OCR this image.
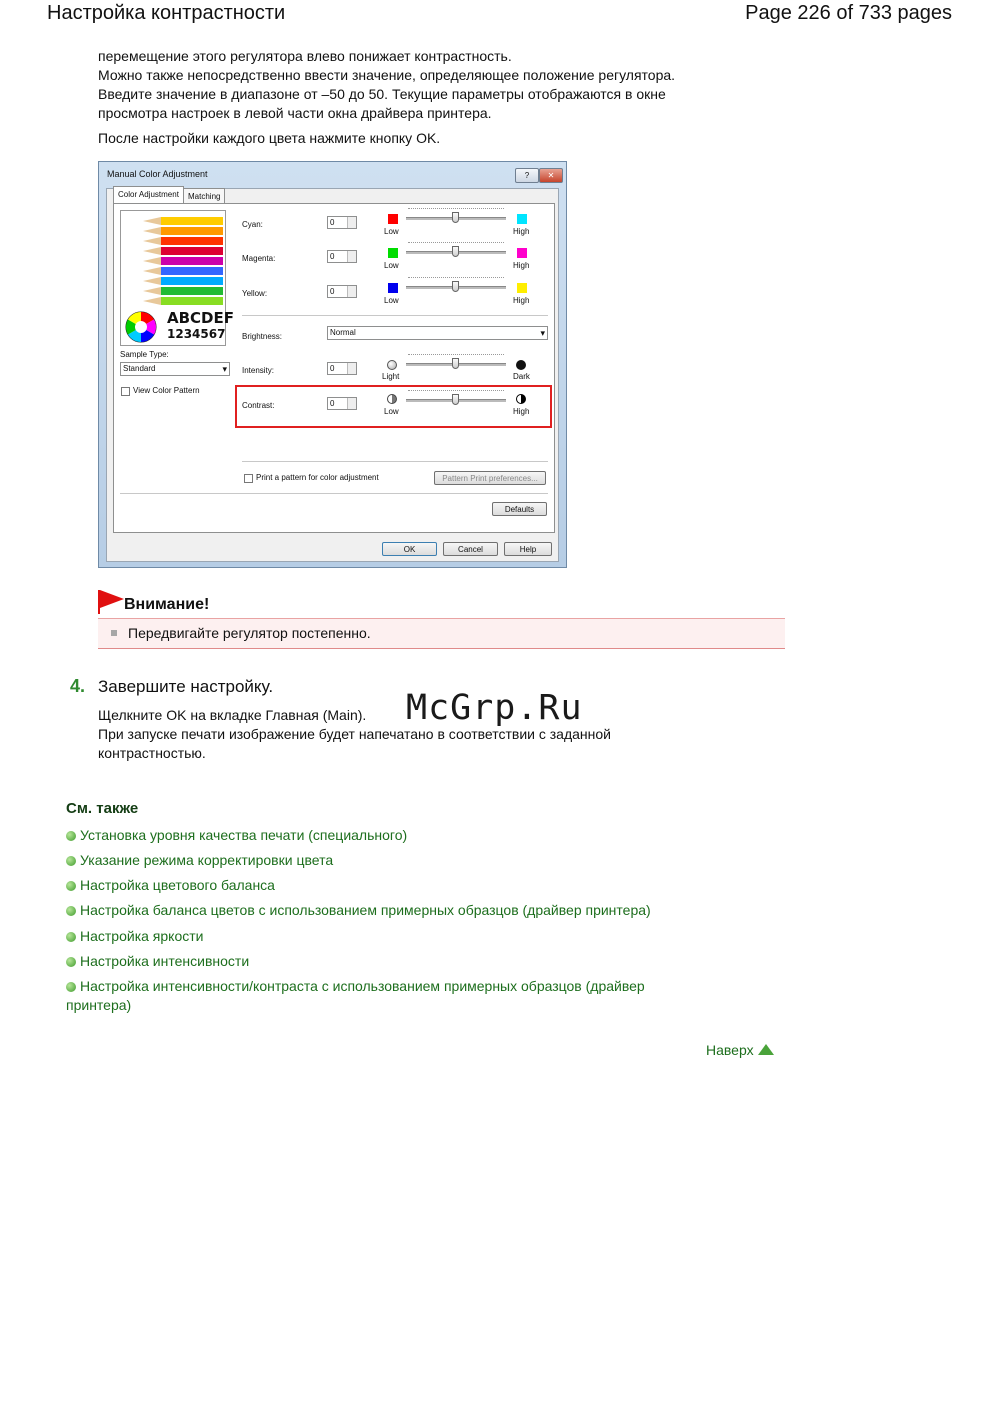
Настройка контрастности	Page 226 of 733 pages
перемещение этого регулятора влево понижает контрастность.
Можно также непосредственно ввести значение, определяющее положение регулятора.
Введите значение в диапазоне от –50 до 50. Текущие параметры отображаются в окне
просмотра настроек в левой части окна драйвера принтера.
После настройки каждого цвета нажмите кнопку OK.
Manual Color Adjustment	?	✕
Color Adjustment	Matching
ABCDEF
1234567
Sample Type:
Standard ▾
View Color Pattern
Cyan:	0
Low	High
Magenta:	0
Low	High
Yellow:	0
Low	High
Brightness:	Normal ▾
Intensity:	0
Light	Dark
Contrast:	0
Low	High
Print a pattern for color adjustment	Pattern Print preferences...
Defaults
OK	Cancel	Help
Внимание!
Передвигайте регулятор постепенно.
4. Завершите настройку.
Щелкните OK на вкладке Главная (Main).
При запуске печати изображение будет напечатано в соответствии с заданной
контрастностью.
McGrp.Ru
См. также
Установка уровня качества печати (специального)
Указание режима корректировки цвета
Настройка цветового баланса
Настройка баланса цветов с использованием примерных образцов (драйвер принтера)
Настройка яркости
Настройка интенсивности
Настройка интенсивности/контраста с использованием примерных образцов (драйвер принтера)
Наверх
